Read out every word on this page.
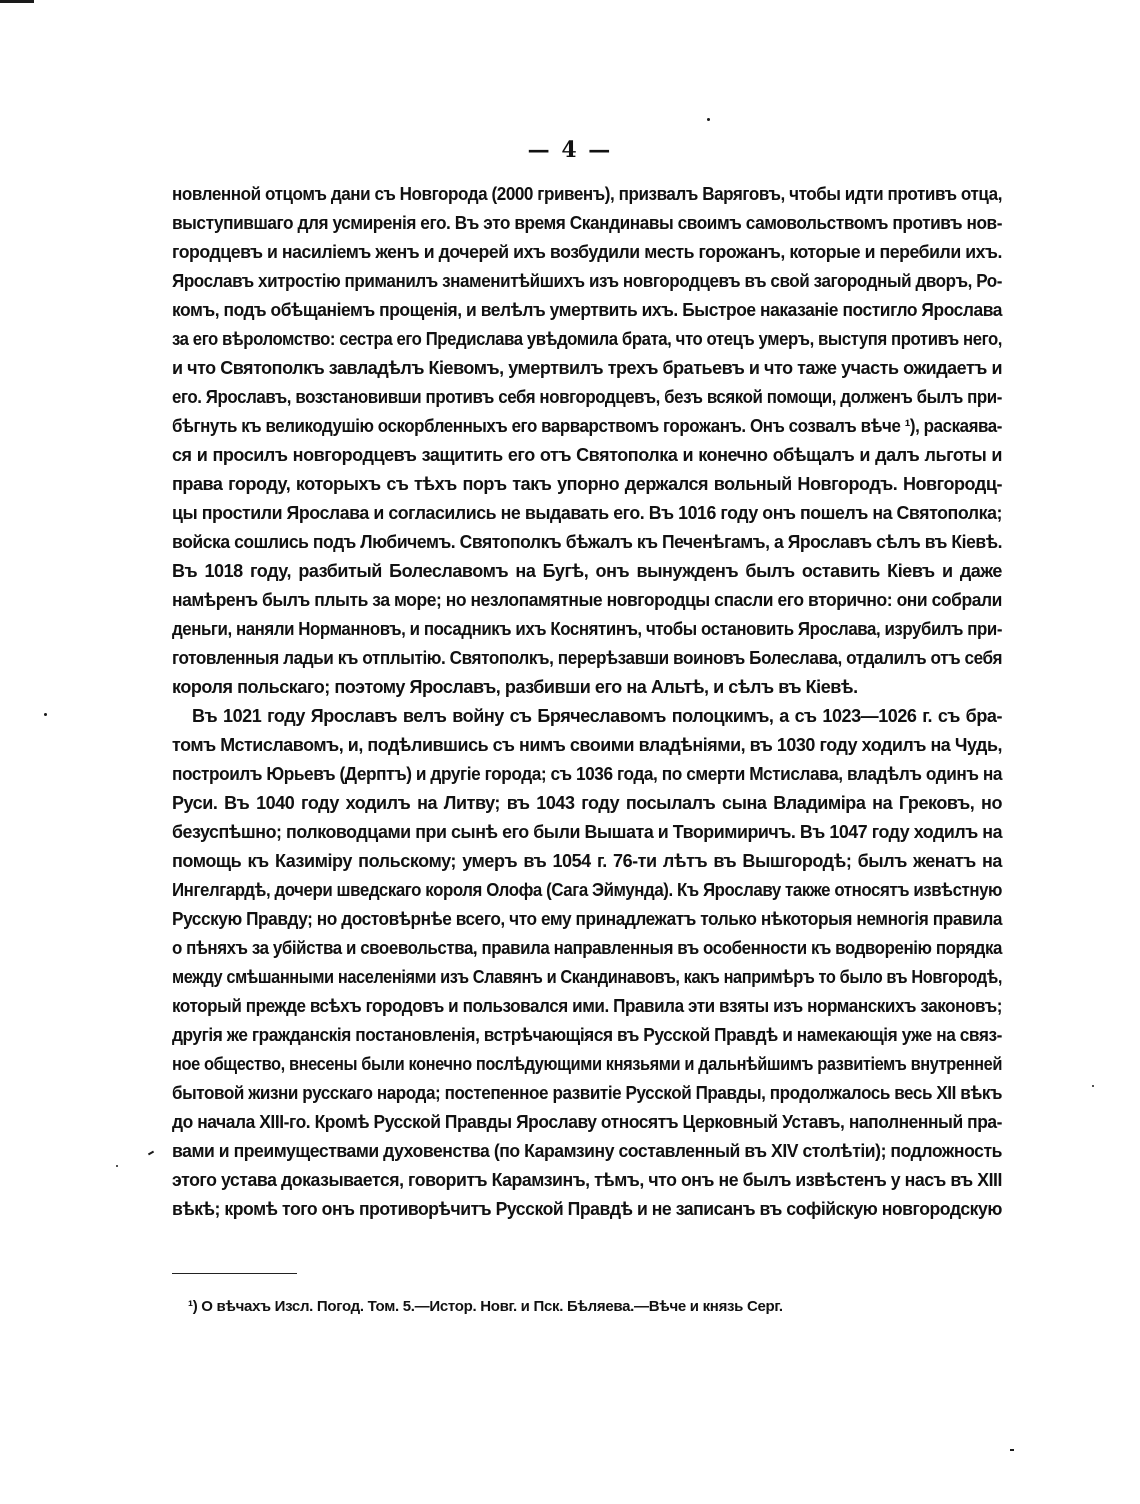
— 4 —
новленной отцомъ дани съ Новгорода (2000 гривенъ), призвалъ Варяговъ, чтобы идти противъ отца,
выступившаго для усмиренія его. Въ это время Скандинавы своимъ самовольствомъ противъ нов-
городцевъ и насиліемъ женъ и дочерей ихъ возбудили месть горожанъ, которые и перебили ихъ.
Ярославъ хитростію приманилъ знаменитѣйшихъ изъ новгородцевъ въ свой загородный дворъ, Ро-
комъ, подъ обѣщаніемъ прощенія, и велѣлъ умертвить ихъ. Быстрое наказаніе постигло Ярослава
за его вѣроломство: сестра его Предислава увѣдомила брата, что отецъ умеръ, выступя противъ него,
и что Святополкъ завладѣлъ Кіевомъ, умертвилъ трехъ братьевъ и что таже участь ожидаетъ и
его. Ярославъ, возстановивши противъ себя новгородцевъ, безъ всякой помощи, долженъ былъ при-
бѣгнуть къ великодушію оскорбленныхъ его варварствомъ горожанъ. Онъ созвалъ вѣче ¹), раскаява-
ся и просилъ новгородцевъ защитить его отъ Святополка и конечно обѣщалъ и далъ льготы и
права городу, которыхъ съ тѣхъ поръ такъ упорно держался вольный Новгородъ. Новгородц-
цы простили Ярослава и согласились не выдавать его. Въ 1016 году онъ пошелъ на Святополка;
войска сошлись подъ Любичемъ. Святополкъ бѣжалъ къ Печенѣгамъ, а Ярославъ сѣлъ въ Кіевѣ.
Въ 1018 году, разбитый Болеславомъ на Бугѣ, онъ вынужденъ былъ оставить Кіевъ и даже
намѣренъ былъ плыть за море; но незлопамятные новгородцы спасли его вторично: они собрали
деньги, наняли Норманновъ, и посадникъ ихъ Коснятинъ, чтобы остановить Ярослава, изрубилъ при-
готовленныя ладьи къ отплытію. Святополкъ, перерѣзавши воиновъ Болеслава, отдалилъ отъ себя
короля польскаго; поэтому Ярославъ, разбивши его на Альтѣ, и сѣлъ въ Кіевѣ.
Въ 1021 году Ярославъ велъ войну съ Брячеславомъ полоцкимъ, а съ 1023—1026 г. съ бра-
томъ Мстиславомъ, и, подѣлившись съ нимъ своими владѣніями, въ 1030 году ходилъ на Чудь,
построилъ Юрьевъ (Дерптъ) и другіе города; съ 1036 года, по смерти Мстислава, владѣлъ одинъ на
Руси. Въ 1040 году ходилъ на Литву; въ 1043 году посылалъ сына Владиміра на Грековъ, но
безуспѣшно; полководцами при сынѣ его были Вышата и Творимиричъ. Въ 1047 году ходилъ на
помощь къ Казиміру польскому; умеръ въ 1054 г. 76-ти лѣтъ въ Вышгородѣ; былъ женатъ на
Ингелгардѣ, дочери шведскаго короля Олофа (Сага Эймунда). Къ Ярославу также относятъ извѣстную
Русскую Правду; но достовѣрнѣе всего, что ему принадлежатъ только нѣкоторыя немногія правила
о пѣняхъ за убійства и своевольства, правила направленныя въ особенности къ водворенію порядка
между смѣшанными населеніями изъ Славянъ и Скандинавовъ, какъ напримѣръ то было въ Новгородѣ,
который прежде всѣхъ городовъ и пользовался ими. Правила эти взяты изъ норманскихъ законовъ;
другія же гражданскія постановленія, встрѣчающіяся въ Русской Правдѣ и намекающія уже на связ-
ное общество, внесены были конечно послѣдующими князьями и дальнѣйшимъ развитіемъ внутренней
бытовой жизни русскаго народа; постепенное развитіе Русской Правды, продолжалось весь XII вѣкъ
до начала XIII-го. Кромѣ Русской Правды Ярославу относятъ Церковный Уставъ, наполненный пра-
вами и преимуществами духовенства (по Карамзину составленный въ XIV столѣтіи); подложность
этого устава доказывается, говоритъ Карамзинъ, тѣмъ, что онъ не былъ извѣстенъ у насъ въ XIII
вѣкѣ; кромѣ того онъ противорѣчитъ Русской Правдѣ и не записанъ въ софійскую новгородскую
¹) О вѣчахъ Изсл. Погод. Том. 5.—Истор. Новг. и Пск. Бѣляева.—Вѣче и князь Серг.
